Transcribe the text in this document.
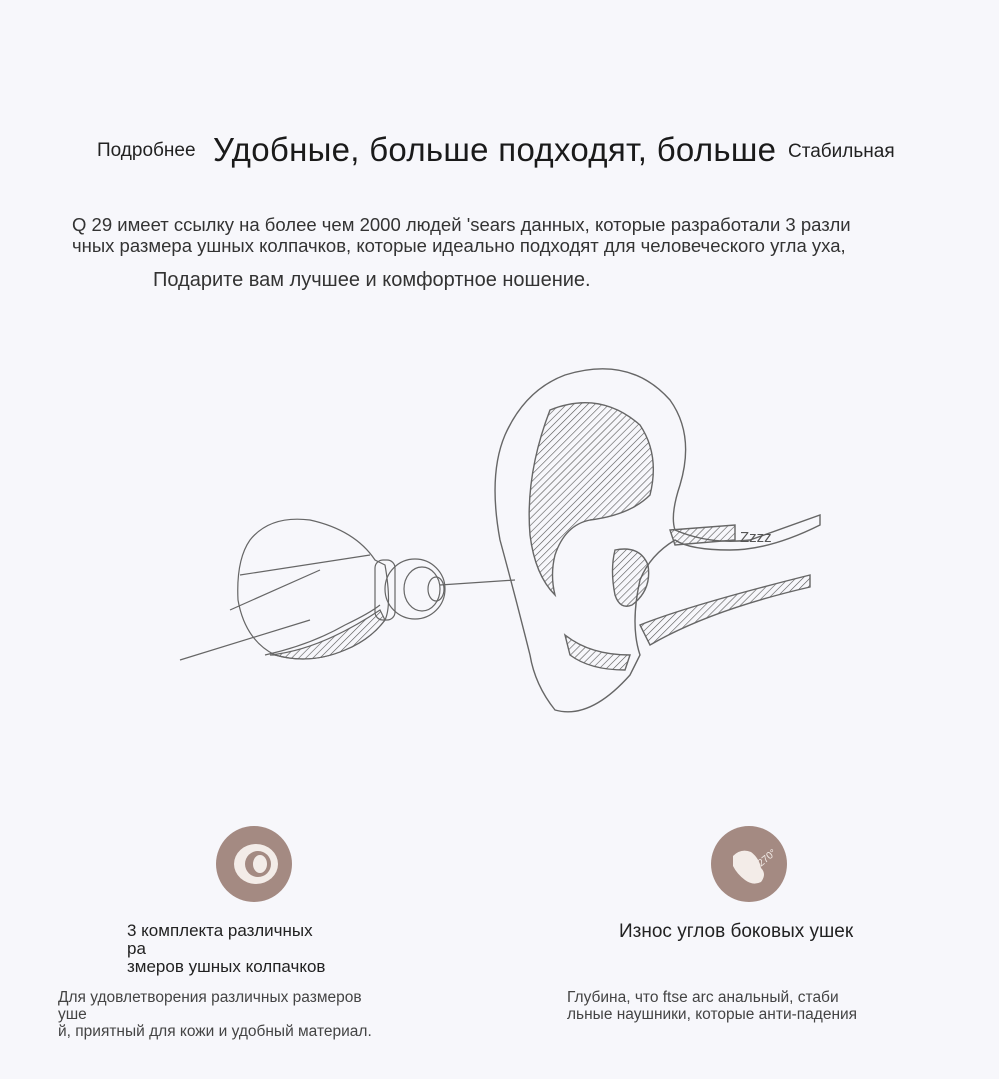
Подробнее Удобные, больше подходят, больше Стабильная
Q 29 имеет ссылку на более чем 2000 людей 'sears данных, которые разработали 3 разли
чных размера ушных колпачков, которые идеально подходят для человеческого угла уха,
Подарите вам лучшее и комфортное ношение.
Zzzz
3 комплекта различных
ра
змеров ушных колпачков
Для удовлетворения различных размеров
уше
й, приятный для кожи и удобный материал.
270°
Износ углов боковых ушек
Глубина, что ftse arc анальный, стаби
льные наушники, которые анти-падения
